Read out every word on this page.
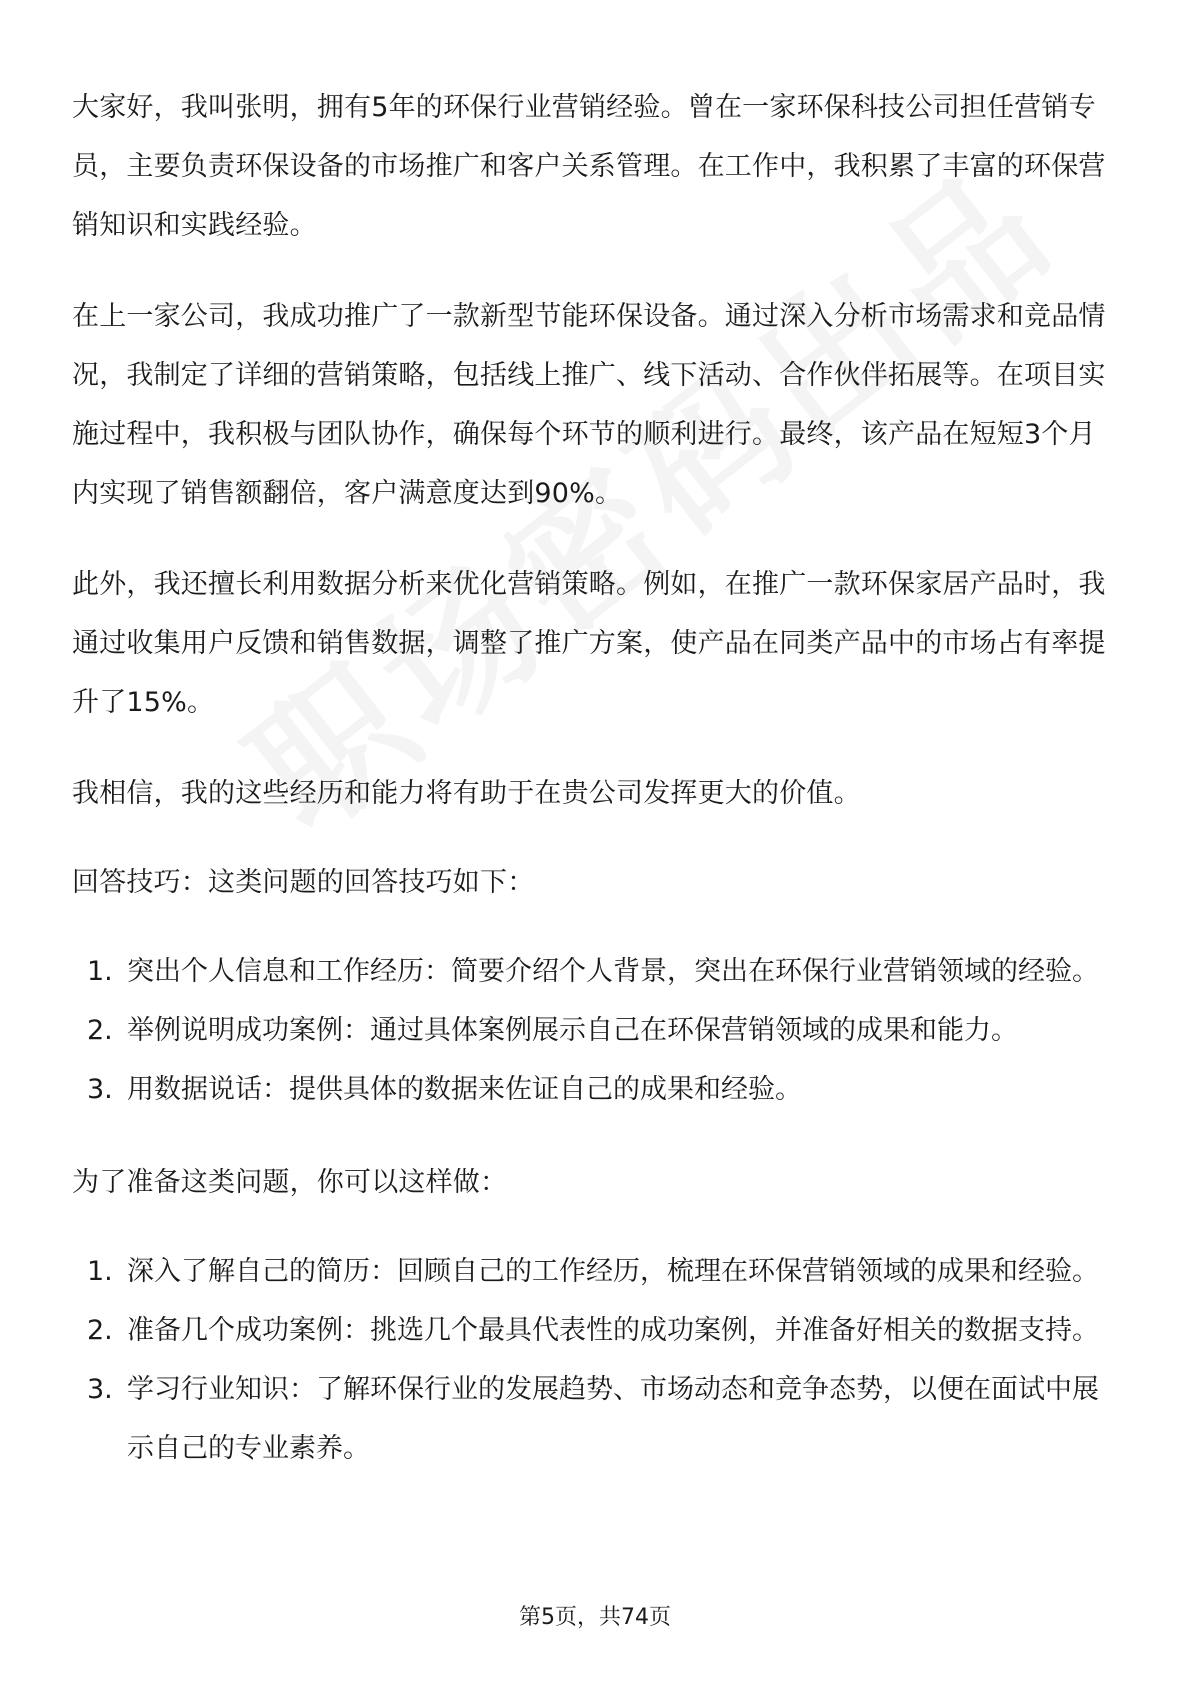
大家好，我叫张明，拥有5年的环保行业营销经验。曾在一家环保科技公司担任营销专员，主要负责环保设备的市场推广和客户关系管理。在工作中，我积累了丰富的环保营销知识和实践经验。

在上一家公司，我成功推广了一款新型节能环保设备。通过深入分析市场需求和竞品情况，我制定了详细的营销策略，包括线上推广、线下活动、合作伙伴拓展等。在项目实施过程中，我积极与团队协作，确保每个环节的顺利进行。最终，该产品在短短3个月内实现了销售额翻倍，客户满意度达到90%。

此外，我还擅长利用数据分析来优化营销策略。例如，在推广一款环保家居产品时，我通过收集用户反馈和销售数据，调整了推广方案，使产品在同类产品中的市场占有率提升了15%。

我相信，我的这些经历和能力将有助于在贵公司发挥更大的价值。

回答技巧：这类问题的回答技巧如下：

1. 突出个人信息和工作经历：简要介绍个人背景，突出在环保行业营销领域的经验。
2. 举例说明成功案例：通过具体案例展示自己在环保营销领域的成果和能力。
3. 用数据说话：提供具体的数据来佐证自己的成果和经验。

为了准备这类问题，你可以这样做：

1. 深入了解自己的简历：回顾自己的工作经历，梳理在环保营销领域的成果和经验。
2. 准备几个成功案例：挑选几个最具代表性的成功案例，并准备好相关的数据支持。
3. 学习行业知识：了解环保行业的发展趋势、市场动态和竞争态势，以便在面试中展示自己的专业素养。
第5页，共74页
